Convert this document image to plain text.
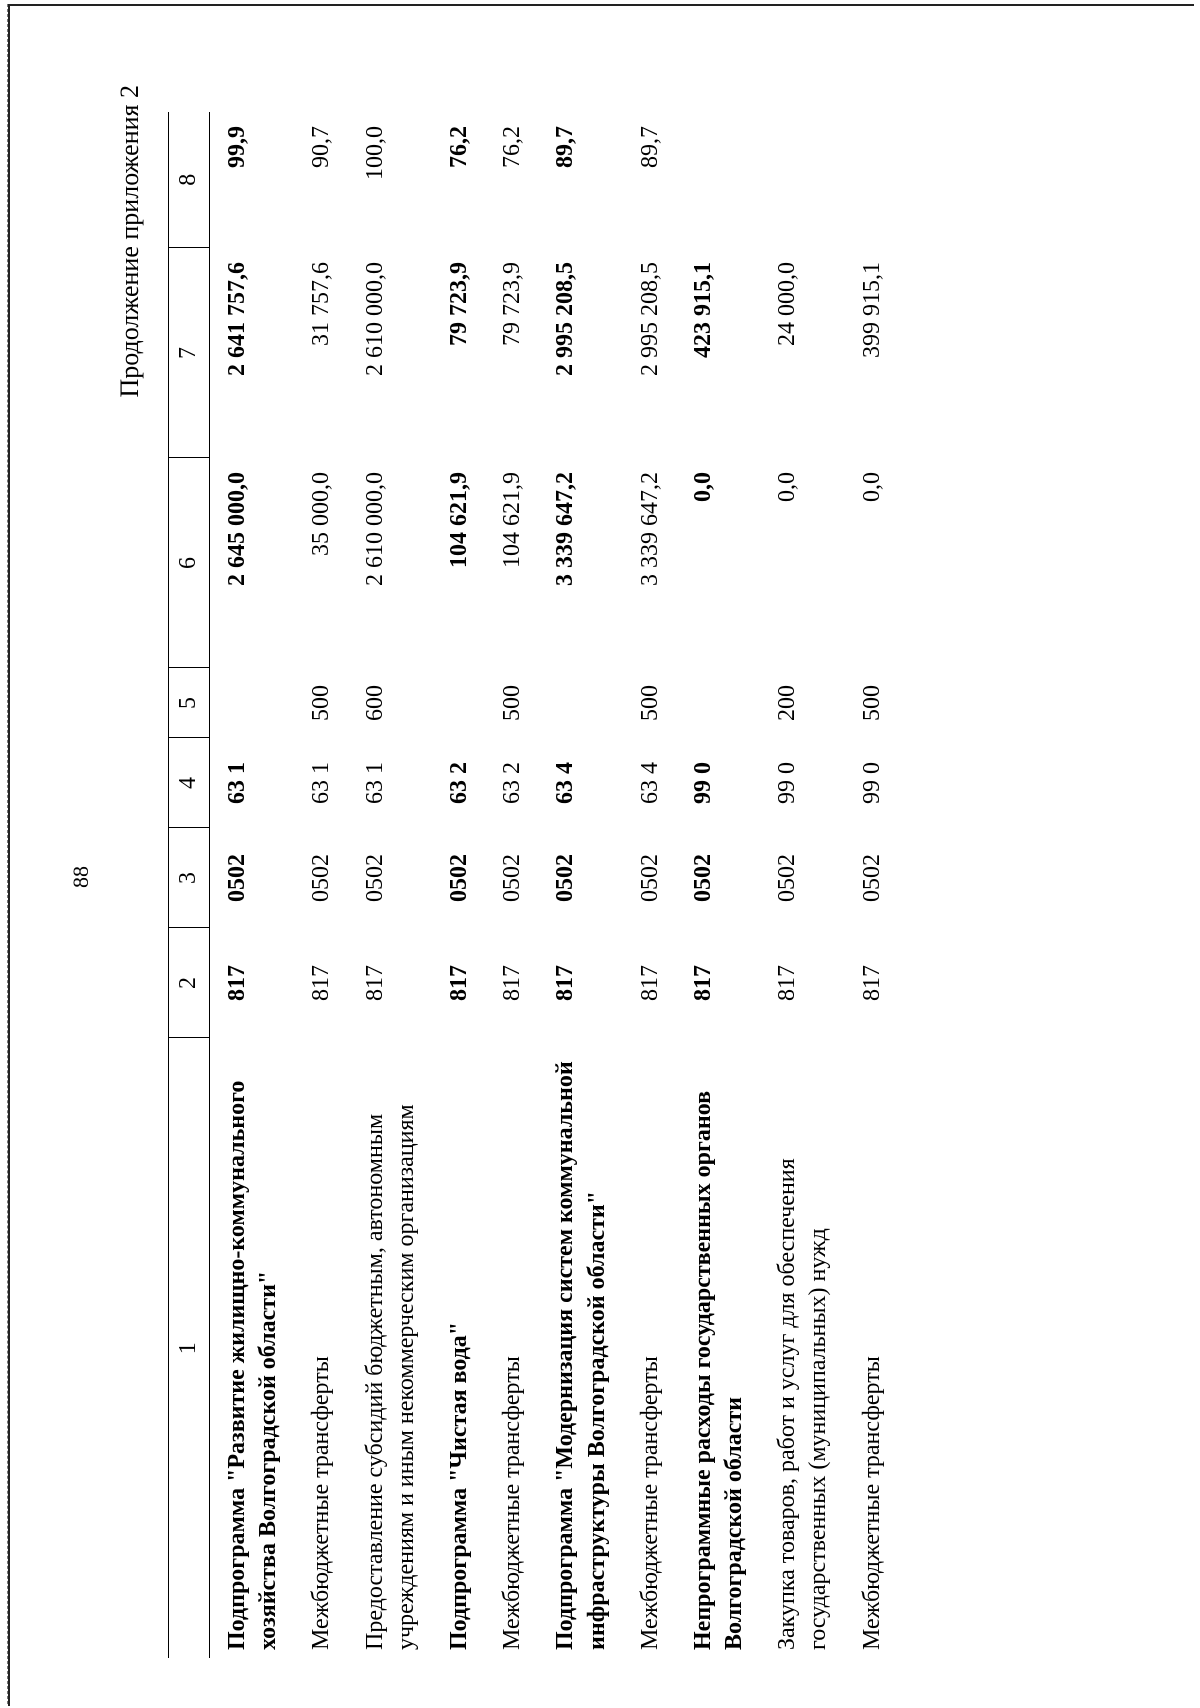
88
Продолжение приложения 2
1	2	3	4	5	6	7	8
Подпрограмма "Развитие жилищно-коммунального хозяйства Волгоградской области"	817	0502	63 1		2 645 000,0	2 641 757,6	99,9
Межбюджетные трансферты	817	0502	63 1	500	35 000,0	31 757,6	90,7
Предоставление субсидий бюджетным, автономным учреждениям и иным некоммерческим организациям	817	0502	63 1	600	2 610 000,0	2 610 000,0	100,0
Подпрограмма "Чистая вода"	817	0502	63 2		104 621,9	79 723,9	76,2
Межбюджетные трансферты	817	0502	63 2	500	104 621,9	79 723,9	76,2
Подпрограмма "Модернизация систем коммунальной инфраструктуры Волгоградской области"	817	0502	63 4		3 339 647,2	2 995 208,5	89,7
Межбюджетные трансферты	817	0502	63 4	500	3 339 647,2	2 995 208,5	89,7
Непрограммные расходы государственных органов Волгоградской области	817	0502	99 0		0,0	423 915,1	
Закупка товаров, работ и услуг для обеспечения государственных (муниципальных) нужд	817	0502	99 0	200	0,0	24 000,0	
Межбюджетные трансферты	817	0502	99 0	500	0,0	399 915,1	
